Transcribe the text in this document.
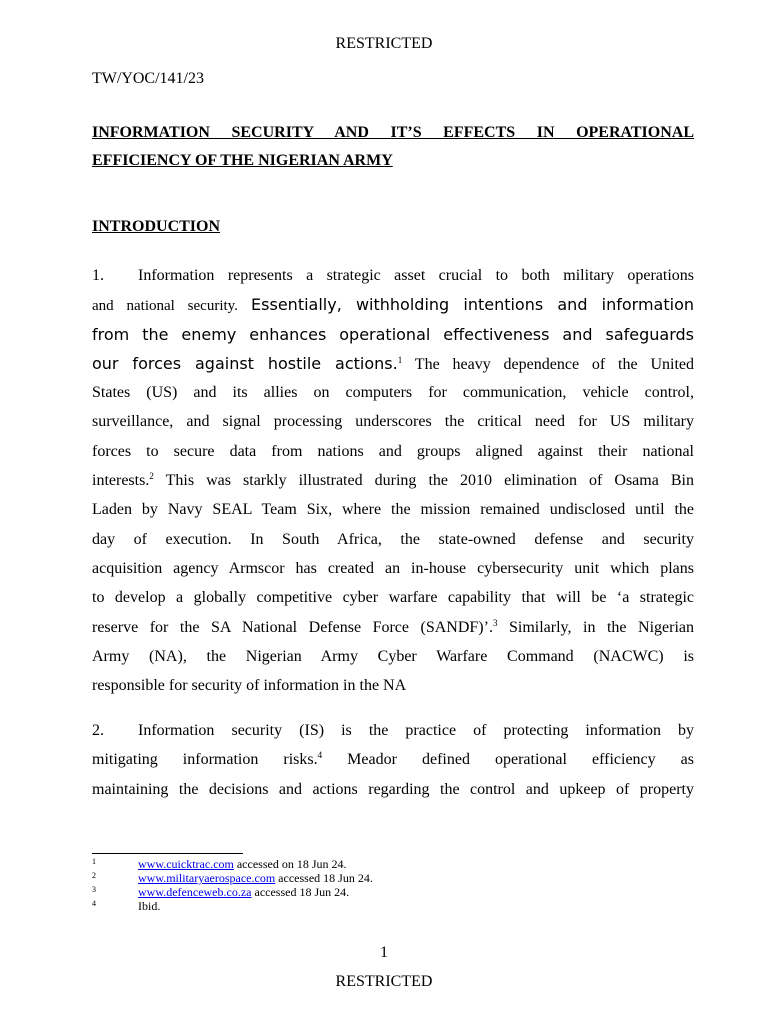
RESTRICTED
TW/YOC/141/23
INFORMATION SECURITY AND IT’S EFFECTS IN OPERATIONAL
EFFICIENCY OF THE NIGERIAN ARMY
INTRODUCTION
1. Information represents a strategic asset crucial to both military operations
and national security. Essentially, withholding intentions and information
from the enemy enhances operational effectiveness and safeguards
our forces against hostile actions.$^1$ The heavy dependence of the United
States (US) and its allies on computers for communication, vehicle control,
surveillance, and signal processing underscores the critical need for US military
forces to secure data from nations and groups aligned against their national
interests.$^2$ This was starkly illustrated during the 2010 elimination of Osama Bin
Laden by Navy SEAL Team Six, where the mission remained undisclosed until the
day of execution. In South Africa, the state-owned defense and security
acquisition agency Armscor has created an in-house cybersecurity unit which plans
to develop a globally competitive cyber warfare capability that will be ‘a strategic
reserve for the SA National Defense Force (SANDF)’.$^3$ Similarly, in the Nigerian
Army (NA), the Nigerian Army Cyber Warfare Command (NACWC) is
responsible for security of information in the NA
2. Information security (IS) is the practice of protecting information by
mitigating information risks.$^4$ Meador defined operational efficiency as
maintaining the decisions and actions regarding the control and upkeep of property
1	www.cuicktrac.com accessed on 18 Jun 24.
2	www.militaryaerospace.com accessed 18 Jun 24.
3	www.defenceweb.co.za accessed 18 Jun 24.
4	Ibid.
1
RESTRICTED
